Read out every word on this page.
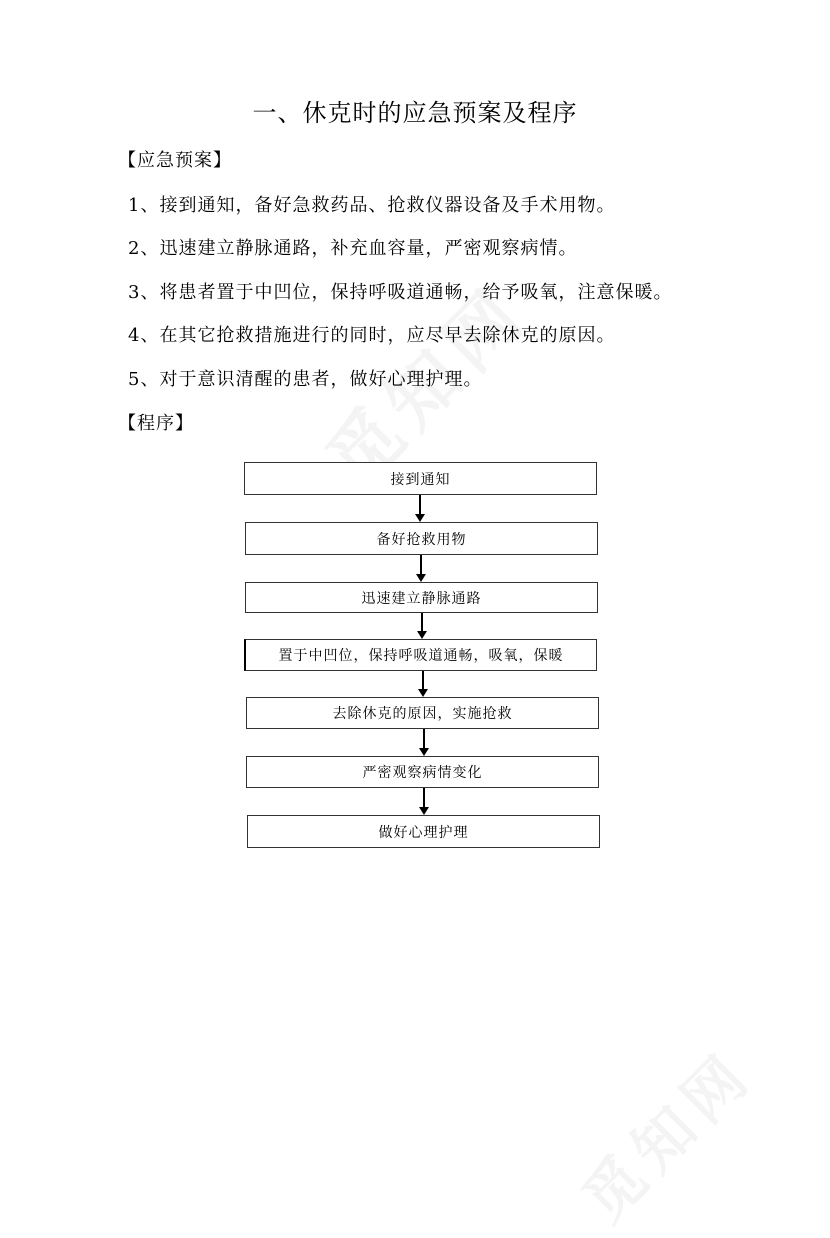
一、休克时的应急预案及程序
【应急预案】
1、接到通知，备好急救药品、抢救仪器设备及手术用物。
2、迅速建立静脉通路，补充血容量，严密观察病情。
3、将患者置于中凹位，保持呼吸道通畅，给予吸氧，注意保暖。
4、在其它抢救措施进行的同时，应尽早去除休克的原因。
5、对于意识清醒的患者，做好心理护理。
【程序】
接到通知
备好抢救用物
迅速建立静脉通路
置于中凹位，保持呼吸道通畅，吸氧，保暖
去除休克的原因，实施抢救
严密观察病情变化
做好心理护理
